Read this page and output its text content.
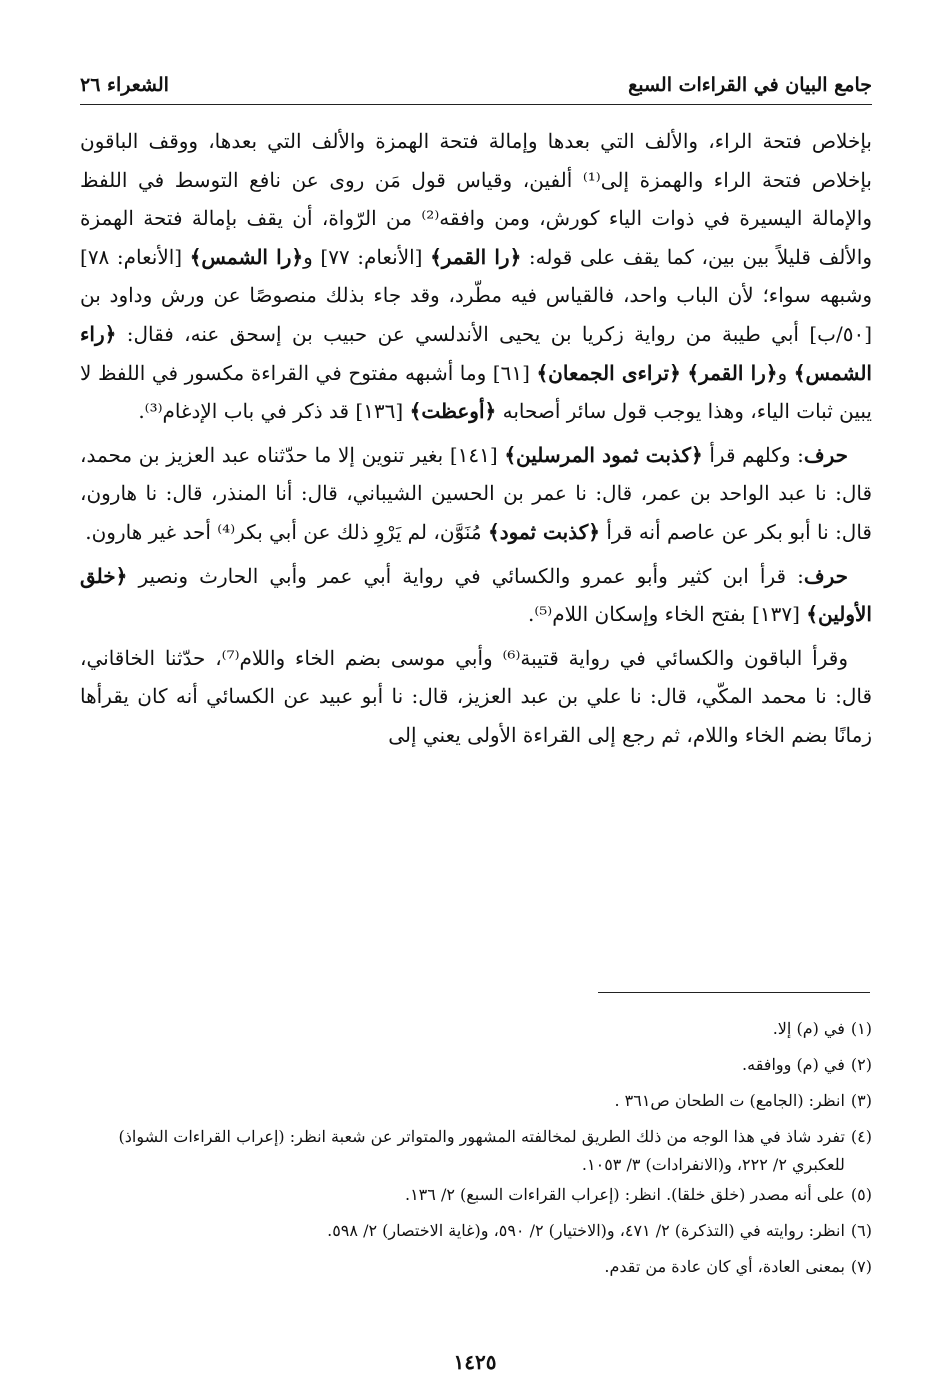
جامع البيان في القراءات السبع
الشعراء ٢٦

بإخلاص فتحة الراء، والألف التي بعدها وإمالة فتحة الهمزة والألف التي بعدها، ووقف الباقون بإخلاص فتحة الراء والهمزة إلى⁽¹⁾ ألفين، وقياس قول مَن روى عن نافع التوسط في اللفظ والإمالة اليسيرة في ذوات الياء كورش، ومن وافقه⁽²⁾ من الرّواة، أن يقف بإمالة فتحة الهمزة والألف قليلاً بين بين، كما يقف على قوله: ﴿را القمر﴾ [الأنعام: ٧٧] و﴿را الشمس﴾ [الأنعام: ٧٨] وشبهه سواء؛ لأن الباب واحد، فالقياس فيه مطّرد، وقد جاء بذلك منصوصًا عن ورش وداود بن [٥٠/ب] أبي طيبة من رواية زكريا بن يحيى الأندلسي عن حبيب بن إسحق عنه، فقال: ﴿راء الشمس﴾ و﴿را القمر﴾ ﴿تراءى الجمعان﴾ [٦١] وما أشبهه مفتوح في القراءة مكسور في اللفظ لا يبين ثبات الياء، وهذا يوجب قول سائر أصحابه ﴿أوعظت﴾ [١٣٦] قد ذكر في باب الإدغام⁽³⁾.

حرف: وكلهم قرأ ﴿كذبت ثمود المرسلين﴾ [١٤١] بغير تنوين إلا ما حدّثناه عبد العزيز بن محمد، قال: نا عبد الواحد بن عمر، قال: نا عمر بن الحسين الشيباني، قال: أنا المنذر، قال: نا هارون، قال: نا أبو بكر عن عاصم أنه قرأ ﴿كذبت ثمود﴾ مُنَوَّن، لم يَرْوِ ذلك عن أبي بكر⁽⁴⁾ أحد غير هارون.

حرف: قرأ ابن كثير وأبو عمرو والكسائي في رواية أبي عمر وأبي الحارث ونصير ﴿خلق الأولين﴾ [١٣٧] بفتح الخاء وإسكان اللام⁽⁵⁾.

وقرأ الباقون والكسائي في رواية قتيبة⁽⁶⁾ وأبي موسى بضم الخاء واللام⁽⁷⁾، حدّثنا الخاقاني، قال: نا محمد المكّي، قال: نا علي بن عبد العزيز، قال: نا أبو عبيد عن الكسائي أنه كان يقرأها زمانًا بضم الخاء واللام، ثم رجع إلى القراءة الأولى يعني إلى

(١)
في (م) إلا.
(٢)
في (م) ووافقه.
(٣)
انظر: (الجامع) ت الطحان ص٣٦١ .
(٤)
تفرد شاذ في هذا الوجه من ذلك الطريق لمخالفته المشهور والمتواتر عن شعبة انظر: (إعراب القراءات الشواذ) للعكبري ٢/ ٢٢٢، و(الانفرادات) ٣/ ١٠٥٣.
(٥)
على أنه مصدر (خلق خلقا). انظر: (إعراب القراءات السبع) ٢/ ١٣٦.
(٦)
انظر: روايته في (التذكرة) ٢/ ٤٧١، و(الاختيار) ٢/ ٥٩٠، و(غاية الاختصار) ٢/ ٥٩٨.
(٧)
بمعنى العادة، أي كان عادة من تقدم.
١٤٢٥
